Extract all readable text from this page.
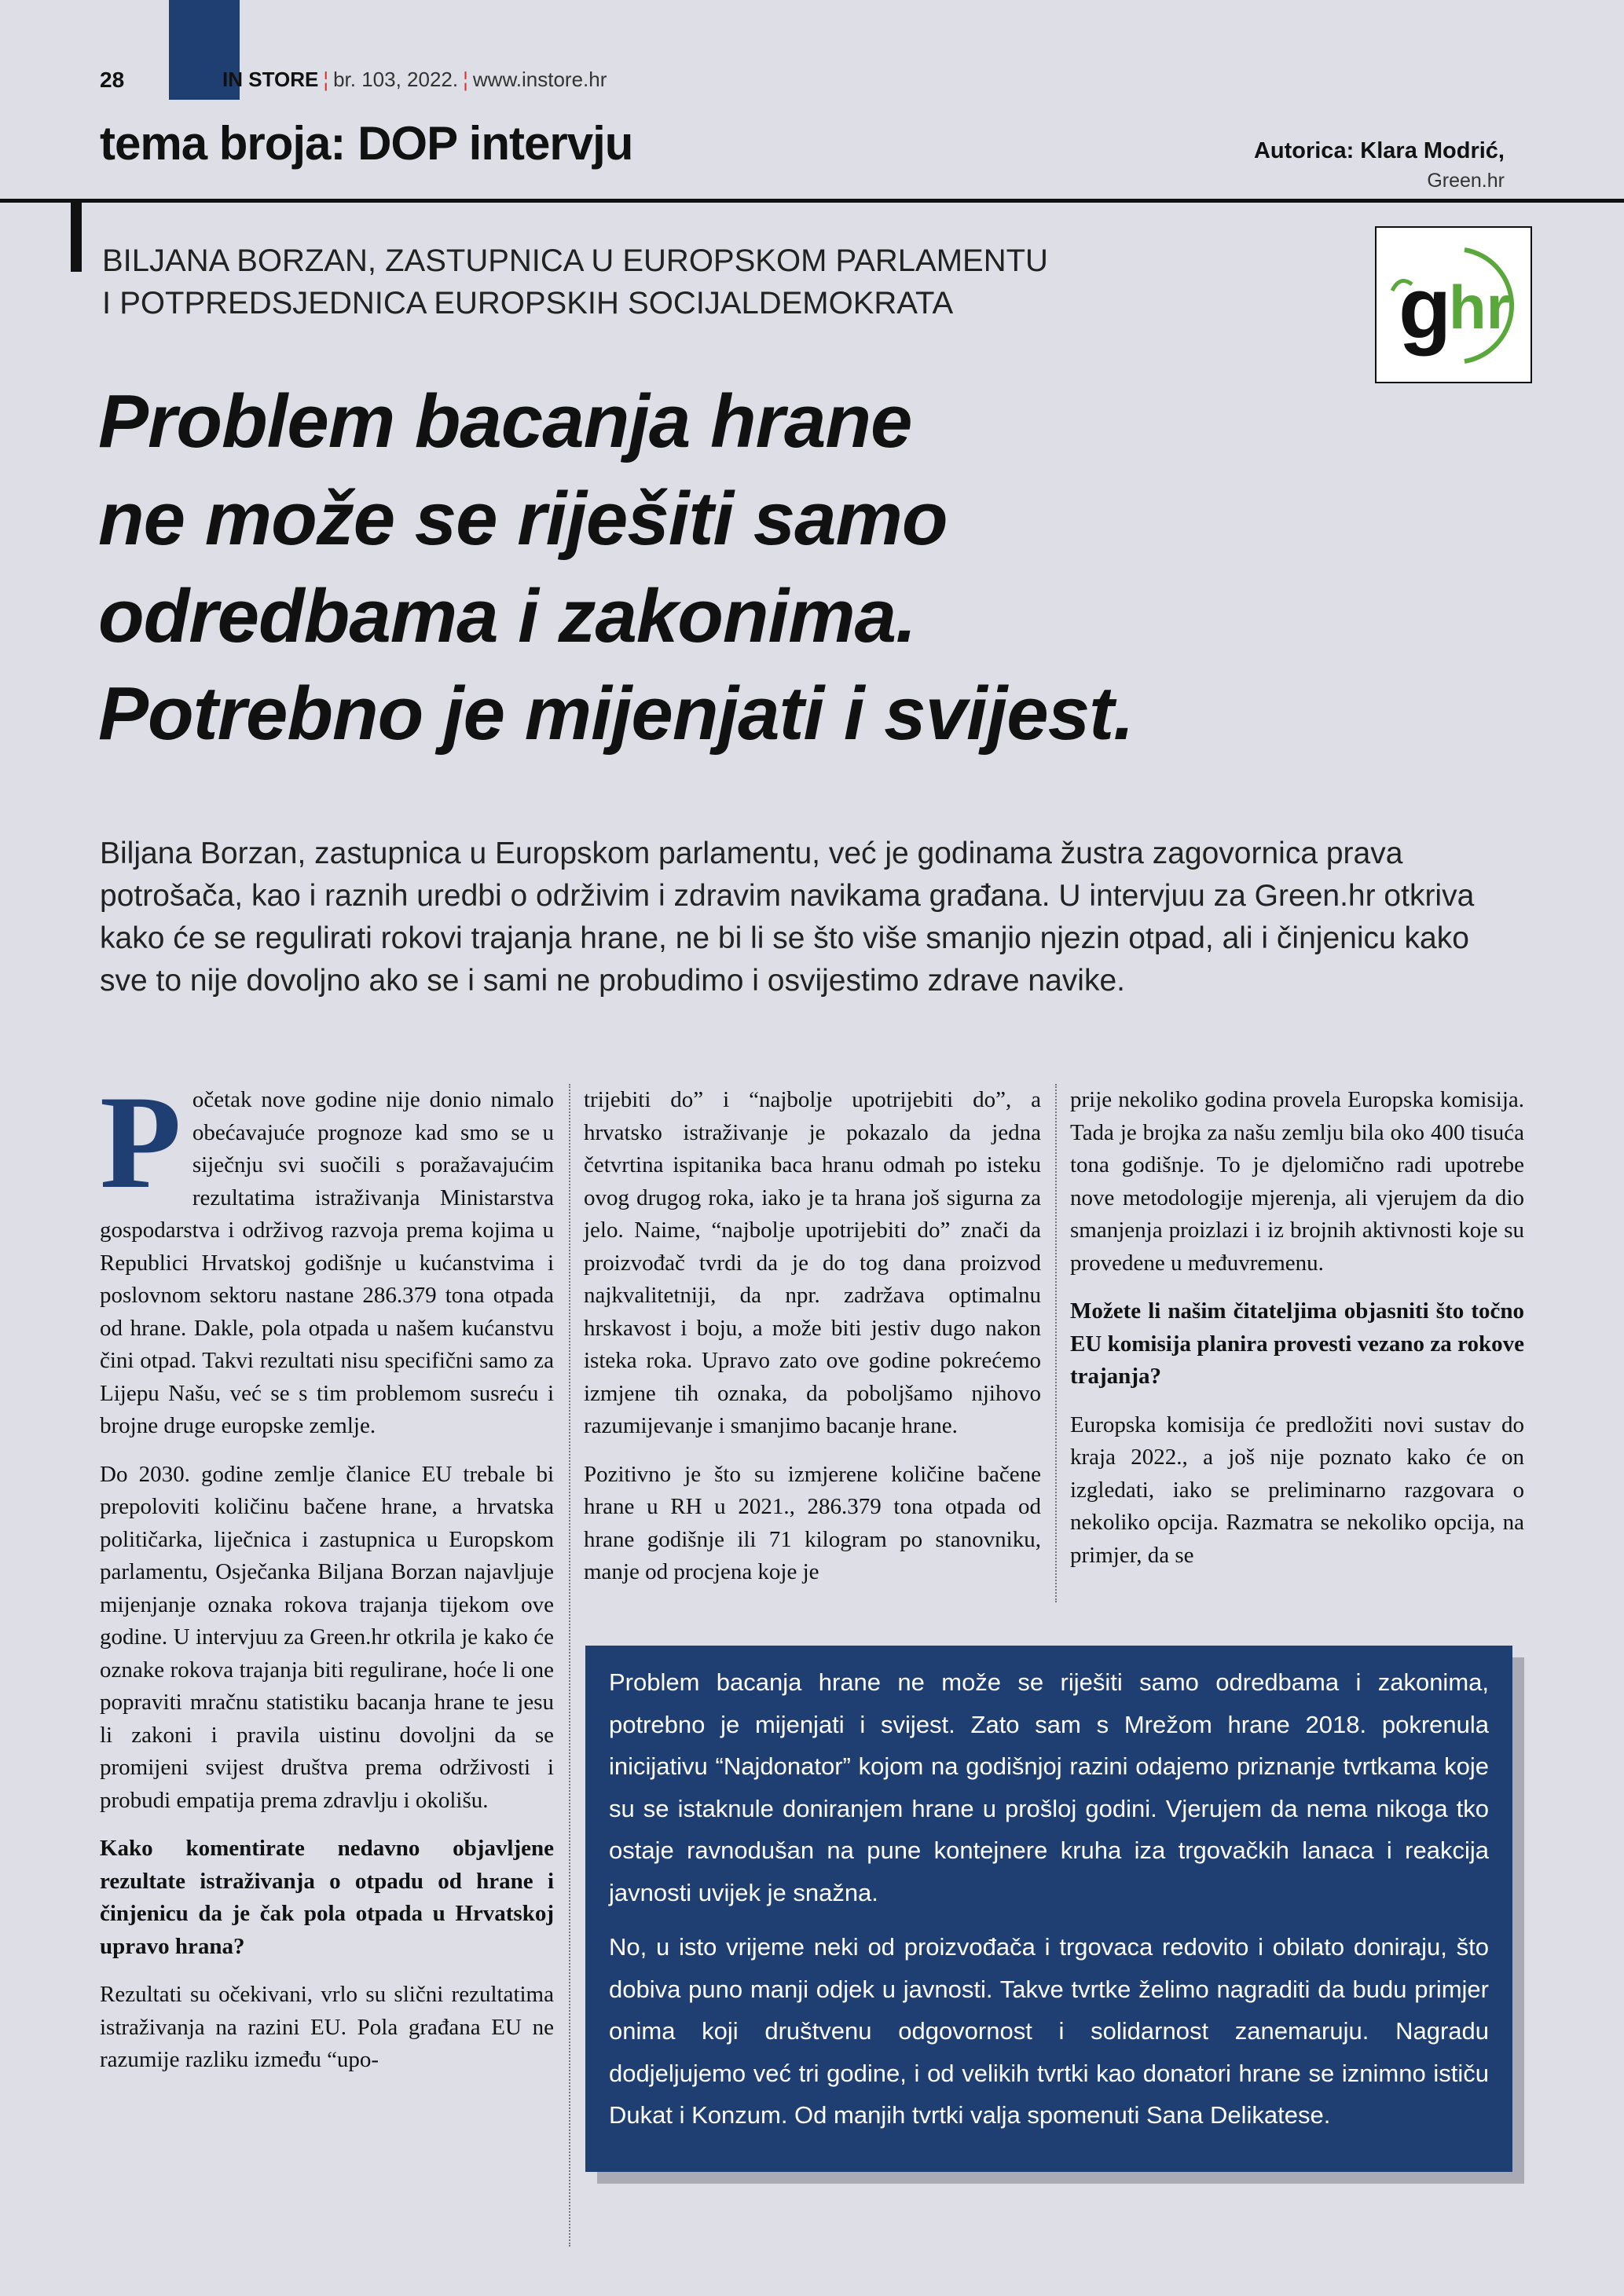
28	IN STORE ¦ br. 103, 2022. ¦ www.instore.hr
tema broja: DOP intervju	Autorica: Klara Modrić,
Green.hr
BILJANA BORZAN, ZASTUPNICA U EUROPSKOM PARLAMENTU
I POTPREDSJEDNICA EUROPSKIH SOCIJALDEMOKRATA	g
hr
Problem bacanja hrane
ne može se riješiti samo
odredbama i zakonima.
Potrebno je mijenjati i svijest.
Biljana Borzan, zastupnica u Europskom parlamentu, već je godinama žustra zagovornica prava potrošača, kao i raznih uredbi o održivim i zdravim navikama građana. U intervjuu za Green.hr otkriva kako će se regulirati rokovi trajanja hrane, ne bi li se što više smanjio njezin otpad, ali i činjenicu kako sve to nije dovoljno ako se i sami ne probudimo i osvijestimo zdrave navike.

Početak nove godine nije donio nimalo obećavajuće prognoze kad smo se u siječnju svi suočili s poražavajućim rezultatima istraživanja Ministarstva gospodarstva i održivog razvoja prema kojima u Republici Hrvatskoj godišnje u kućanstvima i poslovnom sektoru nastane 286.379 tona otpada od hrane. Dakle, pola otpada u našem kućanstvu čini otpad. Takvi rezultati nisu specifični samo za Lijepu Našu, već se s tim problemom susreću i brojne druge europske zemlje.

Do 2030. godine zemlje članice EU trebale bi prepoloviti količinu bačene hrane, a hrvatska političarka, liječnica i zastupnica u Europskom parlamentu, Osječanka Biljana Borzan najavljuje mijenjanje oznaka rokova trajanja tijekom ove godine. U intervjuu za Green.hr otkrila je kako će oznake rokova trajanja biti regulirane, hoće li one popraviti mračnu statistiku bacanja hrane te jesu li zakoni i pravila uistinu dovoljni da se promijeni svijest društva prema održivosti i probudi empatija prema zdravlju i okolišu.

Kako komentirate nedavno objavljene rezultate istraživanja o otpadu od hrane i činjenicu da je čak pola otpada u Hrvatskoj upravo hrana?

Rezultati su očekivani, vrlo su slični rezultatima istraživanja na razini EU. Pola građana EU ne razumije razliku između “upo-

trijebiti do” i “najbolje upotrijebiti do”, a hrvatsko istraživanje je pokazalo da jedna četvrtina ispitanika baca hranu odmah po isteku ovog drugog roka, iako je ta hrana još sigurna za jelo. Naime, “najbolje upotrijebiti do” znači da proizvođač tvrdi da je do tog dana proizvod najkvalitetniji, da npr. zadržava optimalnu hrskavost i boju, a može biti jestiv dugo nakon isteka roka. Upravo zato ove godine pokrećemo izmjene tih oznaka, da poboljšamo njihovo razumijevanje i smanjimo bacanje hrane.

Pozitivno je što su izmjerene količine bačene hrane u RH u 2021., 286.379 tona otpada od hrane godišnje ili 71 kilogram po stanovniku, manje od procjena koje je

prije nekoliko godina provela Europska komisija. Tada je brojka za našu zemlju bila oko 400 tisuća tona godišnje. To je djelomično radi upotrebe nove metodologije mjerenja, ali vjerujem da dio smanjenja proizlazi i iz brojnih aktivnosti koje su provedene u međuvremenu.

Možete li našim čitateljima objasniti što točno EU komisija planira provesti vezano za rokove trajanja?

Europska komisija će predložiti novi sustav do kraja 2022., a još nije poznato kako će on izgledati, iako se preliminarno razgovara o nekoliko opcija. Razmatra se nekoliko opcija, na primjer, da se

Problem bacanja hrane ne može se riješiti samo odredbama i zakonima, potrebno je mijenjati i svijest. Zato sam s Mrežom hrane 2018. pokrenula inicijativu “Najdonator” kojom na godišnjoj razini odajemo priznanje tvrtkama koje su se istaknule doniranjem hrane u prošloj godini. Vjerujem da nema nikoga tko ostaje ravnodušan na pune kontejnere kruha iza trgovačkih lanaca i reakcija javnosti uvijek je snažna.

No, u isto vrijeme neki od proizvođača i trgovaca redovito i obilato doniraju, što dobiva puno manji odjek u javnosti. Takve tvrtke želimo nagraditi da budu primjer onima koji društvenu odgovornost i solidarnost zanemaruju. Nagradu dodjeljujemo već tri godine, i od velikih tvrtki kao donatori hrane se iznimno ističu Dukat i Konzum. Od manjih tvrtki valja spomenuti Sana Delikatese.
